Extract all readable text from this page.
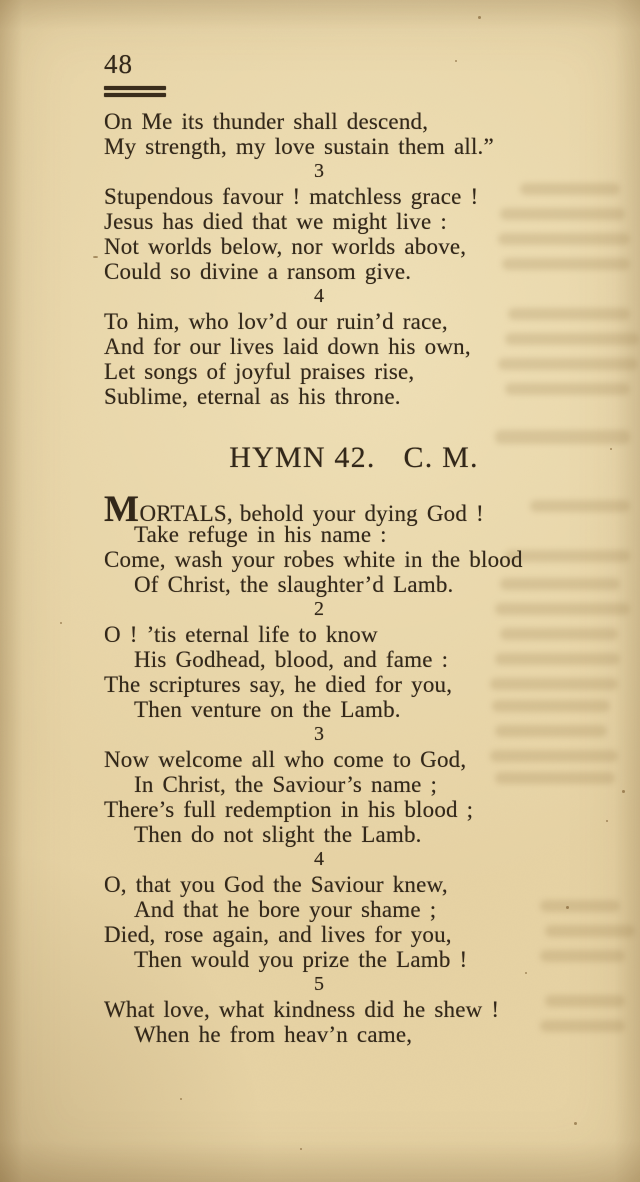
48
On Me its thunder shall descend,
My strength, my love sustain them all.”
3
Stupendous favour ! matchless grace !
Jesus has died that we might live :
Not worlds below, nor worlds above,
Could so divine a ransom give.
4
To him, who lov’d our ruin’d race,
And for our lives laid down his own,
Let songs of joyful praises rise,
Sublime, eternal as his throne.
HYMN 42. C. M.
MORTALS, behold your dying God !
Take refuge in his name :
Come, wash your robes white in the blood
Of Christ, the slaughter’d Lamb.
2
O ! ’tis eternal life to know
His Godhead, blood, and fame :
The scriptures say, he died for you,
Then venture on the Lamb.
3
Now welcome all who come to God,
In Christ, the Saviour’s name ;
There’s full redemption in his blood ;
Then do not slight the Lamb.
4
O, that you God the Saviour knew,
And that he bore your shame ;
Died, rose again, and lives for you,
Then would you prize the Lamb !
5
What love, what kindness did he shew !
When he from heav’n came,
